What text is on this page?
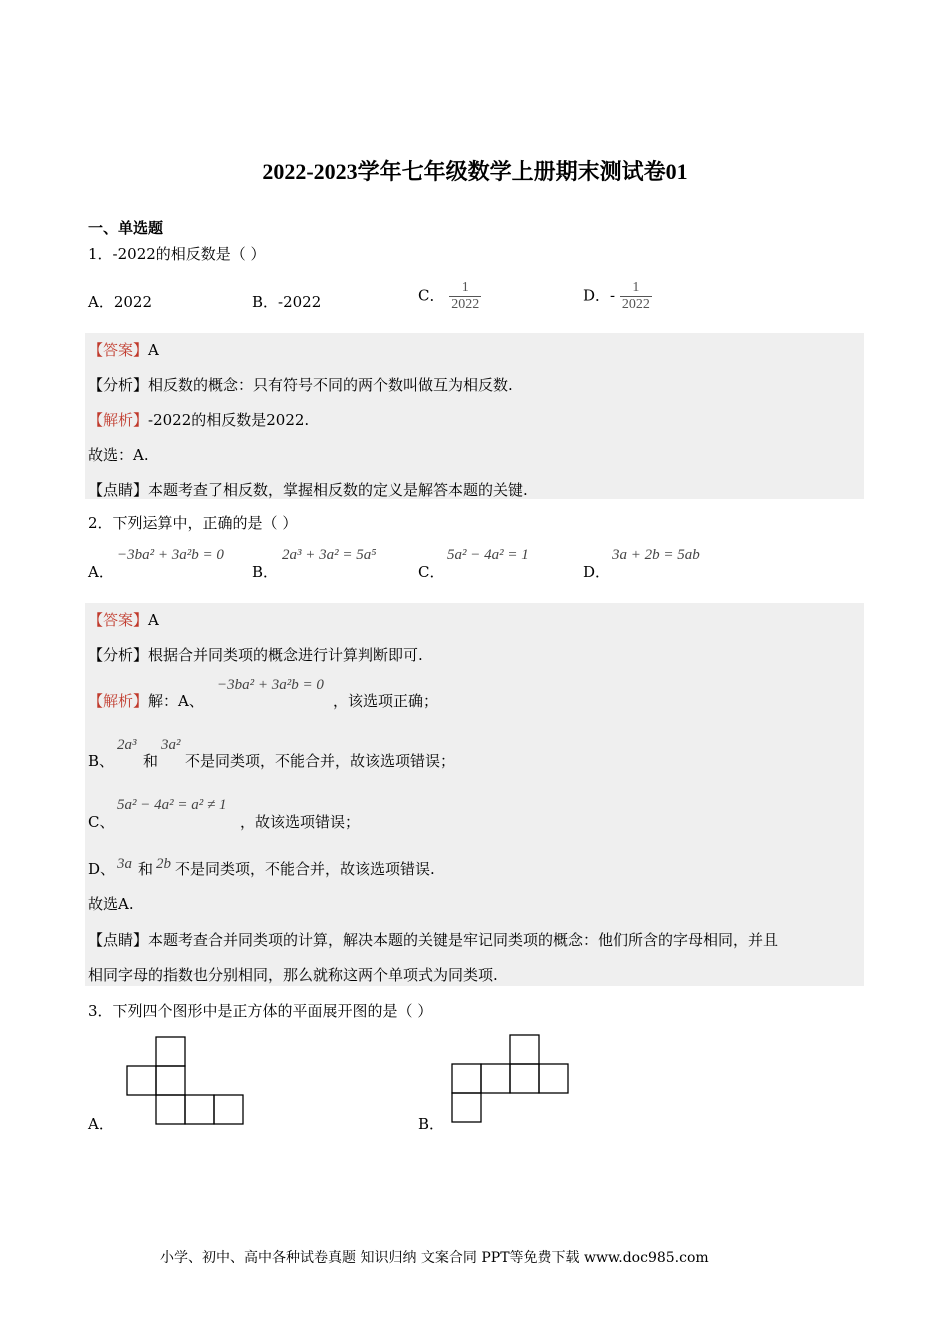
2022-2023学年七年级数学上册期末测试卷01
一、单选题
1．-2022的相反数是（ ）
A．2022	B．-2022	C． $\frac{1}{2022}$	D．- $\frac{1}{2022}$
【答案】A
【分析】相反数的概念：只有符号不同的两个数叫做互为相反数.
【解析】-2022的相反数是2022.
故选：A.
【点睛】本题考查了相反数，掌握相反数的定义是解答本题的关键.
2．下列运算中，正确的是（ ）
A．
−3ba² + 3a²b = 0
B．
2a³ + 3a² = 5a⁵
C．
5a² − 4a² = 1
D．
3a + 2b = 5ab
【答案】A
【分析】根据合并同类项的概念进行计算判断即可.
【解析】解：A、
−3ba² + 3a²b = 0
，该选项正确；
B、
2a³
和
3a²
不是同类项，不能合并，故该选项错误；
C、
5a² − 4a² = a² ≠ 1
，故该选项错误；
D、 3a 和 2b 不是同类项，不能合并，故该选项错误.
故选A.
【点睛】本题考查合并同类项的计算，解决本题的关键是牢记同类项的概念：他们所含的字母相同，并且
相同字母的指数也分别相同，那么就称这两个单项式为同类项.
3．下列四个图形中是正方体的平面展开图的是（ ）
A．	B．
小学、初中、高中各种试卷真题 知识归纳 文案合同 PPT等免费下载 www.doc985.com
